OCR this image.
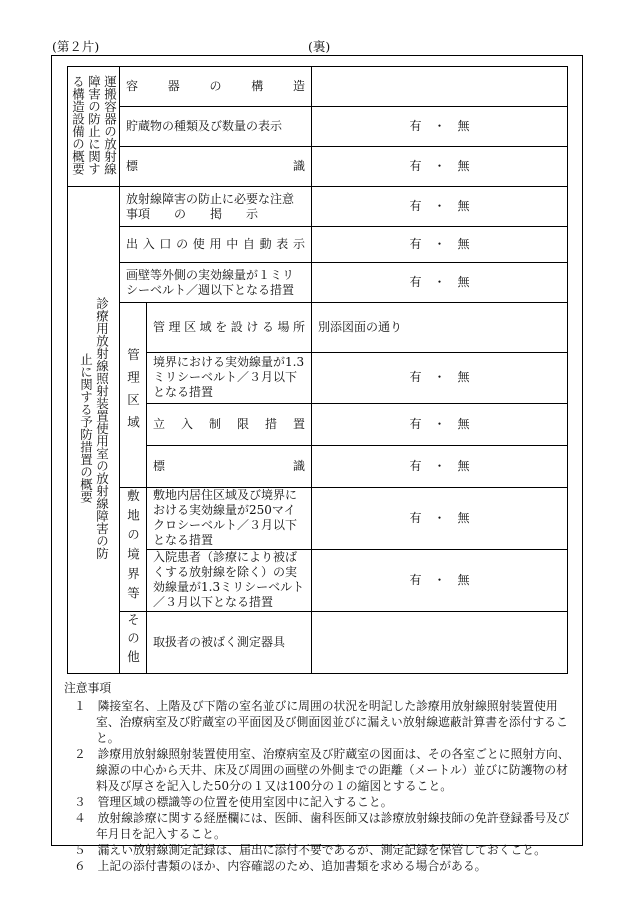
(第２片)	(裏)
運搬容器の放射線障害の防止に関する構造設備の概要	容　器　の　構　造		
	貯蔵物の種類及び数量の表示		有　・　無
	標　　　　　識		有　・　無
診療用放射線照射装置使用室の放射線障害の防止に関する予防措置の概要	放射線障害の防止に必要な注意事項　　の　　掲　　示		有　・　無
	出入口の使用中自動表示		有　・　無
	画壁等外側の実効線量が１ミリシーベルト／週以下となる措置		有　・　無
	管理区域	管理区域を設ける場所	別添図面の通り
		境界における実効線量が1.3ミリシーベルト／３月以下となる措置	有　・　無
		立　入　制　限　措　置	有　・　無
		標　　　　　識	有　・　無
	敷地の境界等	敷地内居住区域及び境界における実効線量が250マイクロシーベルト／３月以下となる措置	有　・　無
		入院患者（診療により被ばくする放射線を除く）の実効線量が1.3ミリシーベルト／３月以下となる措置	有　・　無
	その他	取扱者の被ばく測定器具	
注意事項
１　隣接室名、上階及び下階の室名並びに周囲の状況を明記した診療用放射線照射装置使用室、治療病室及び貯蔵室の平面図及び側面図並びに漏えい放射線遮蔽計算書を添付すること。
２　診療用放射線照射装置使用室、治療病室及び貯蔵室の図面は、その各室ごとに照射方向、線源の中心から天井、床及び周囲の画壁の外側までの距離（メートル）並びに防護物の材料及び厚さを記入した50分の１又は100分の１の縮図とすること。
３　管理区域の標識等の位置を使用室図中に記入すること。
４　放射線診療に関する経歴欄には、医師、歯科医師又は診療放射線技師の免許登録番号及び年月日を記入すること。
５　漏えい放射線測定記録は、届出に添付不要であるが、測定記録を保管しておくこと。
６　上記の添付書類のほか、内容確認のため、追加書類を求める場合がある。
